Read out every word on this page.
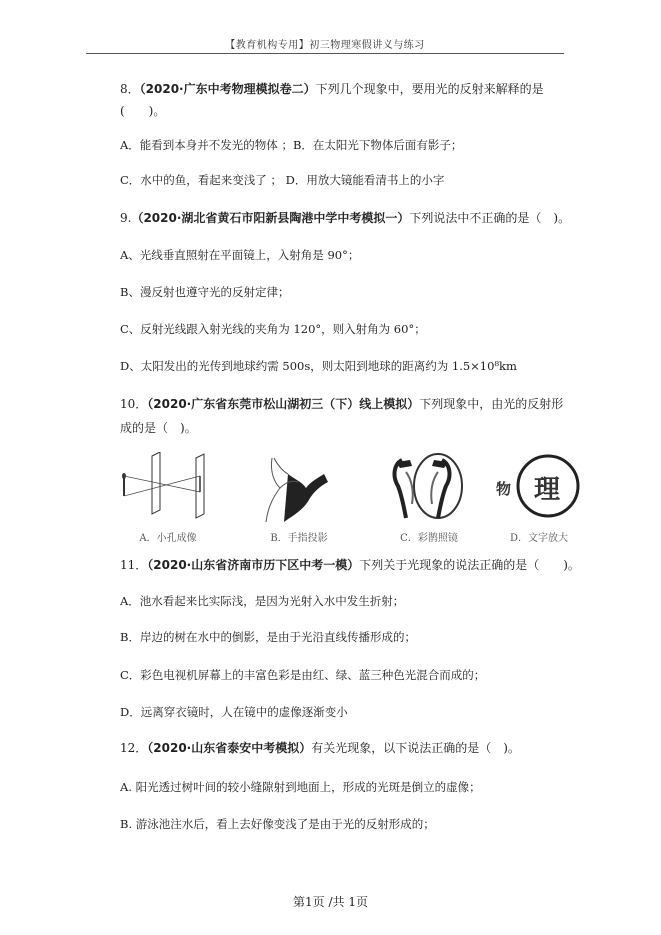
【教育机构专用】初三物理寒假讲义与练习
8．（2020·广东中考物理模拟卷二）下列几个现象中，要用光的反射来解释的是
(　　)。
A．能看到本身并不发光的物体 ；B．在太阳光下物体后面有影子；
C．水中的鱼，看起来变浅了 ； D．用放大镜能看清书上的小字
9.（2020·湖北省黄石市阳新县陶港中学中考模拟一）下列说法中不正确的是（　)。
A、光线垂直照射在平面镜上，入射角是 90°；
B、漫反射也遵守光的反射定律；
C、反射光线跟入射光线的夹角为 120°，则入射角为 60°；
D、太阳发出的光传到地球约需 500s，则太阳到地球的距离约为 1.5×10⁸km
10．（2020·广东省东莞市松山湖初三（下）线上模拟）下列现象中，由光的反射形
成的是（　)。
A．小孔成像	B．手指投影	C．彩鹊照镜
物 理
D．文字放大
11．（2020·山东省济南市历下区中考一模）下列关于光现象的说法正确的是（　　)。
A．池水看起来比实际浅，是因为光射入水中发生折射；
B．岸边的树在水中的倒影，是由于光沿直线传播形成的；
C．彩色电视机屏幕上的丰富色彩是由红、绿、蓝三种色光混合而成的；
D．远离穿衣镜时，人在镜中的虚像逐渐变小
12．（2020·山东省泰安中考模拟）有关光现象，以下说法正确的是（　)。
A. 阳光透过树叶间的较小缝隙射到地面上，形成的光斑是倒立的虚像；
B. 游泳池注水后，看上去好像变浅了是由于光的反射形成的；
第1页 /共 1页
